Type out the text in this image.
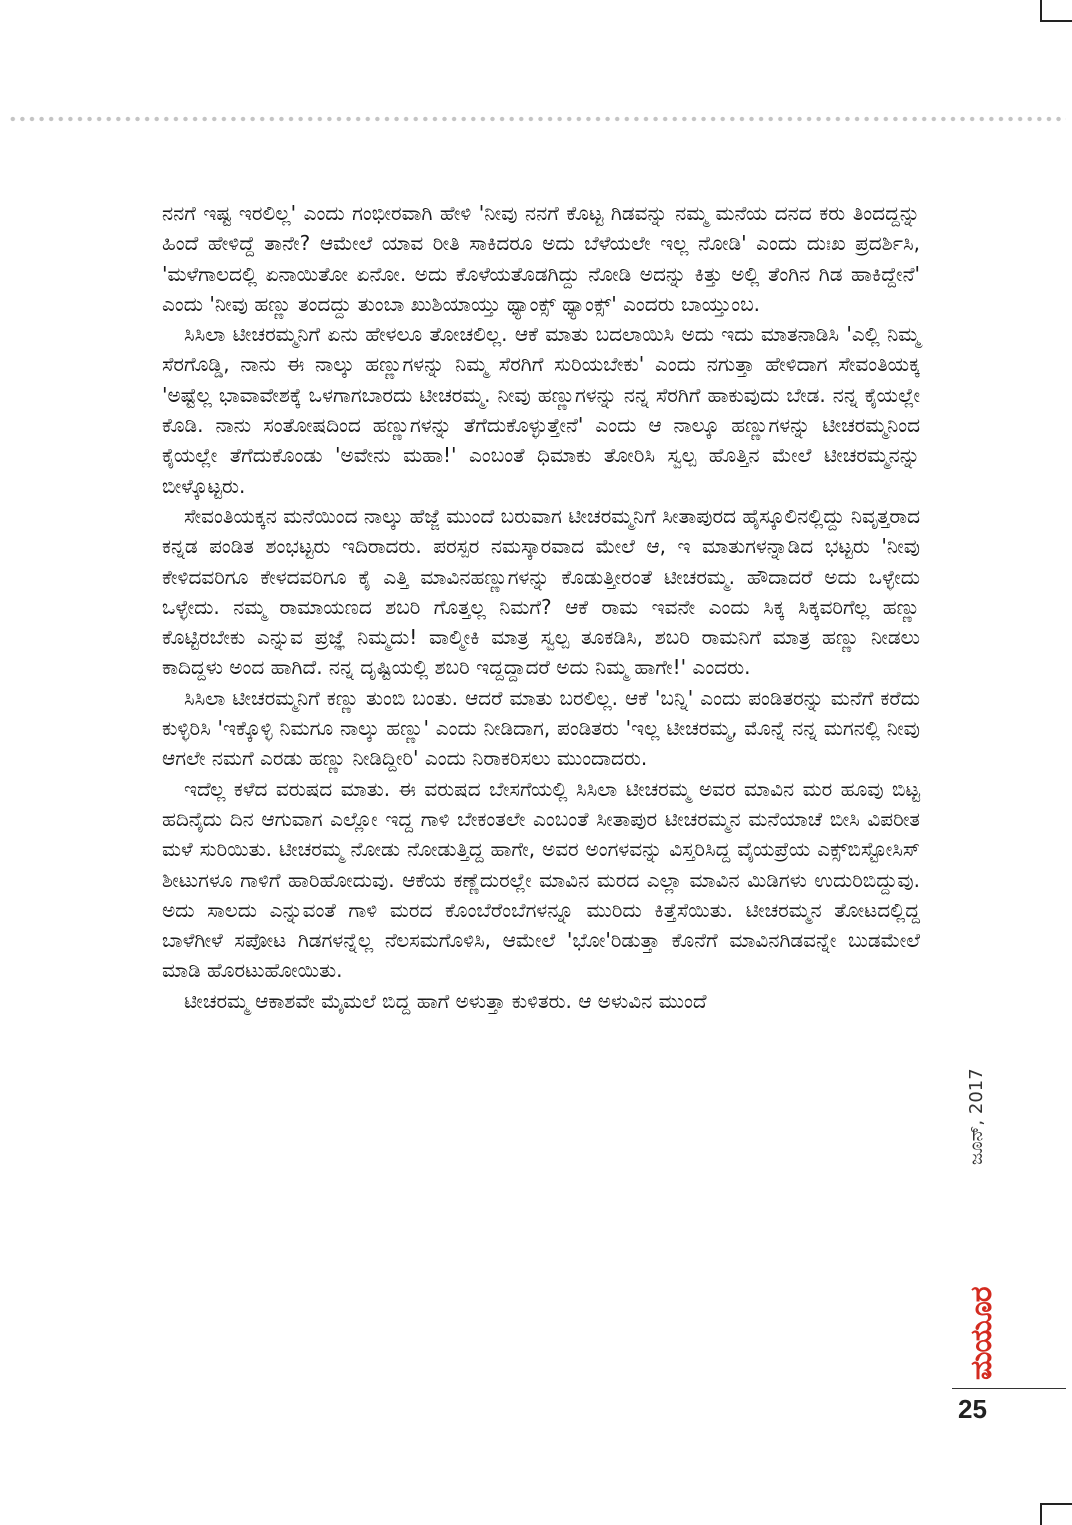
ನನಗೆ ಇಷ್ಟ ಇರಲಿಲ್ಲ' ಎಂದು ಗಂಭೀರವಾಗಿ ಹೇಳಿ 'ನೀವು ನನಗೆ ಕೊಟ್ಟ ಗಿಡವನ್ನು ನಮ್ಮ ಮನೆಯ ದನದ ಕರು ತಿಂದದ್ದನ್ನು ಹಿಂದೆ ಹೇಳಿದ್ದೆ ತಾನೇ? ಆಮೇಲೆ ಯಾವ ರೀತಿ ಸಾಕಿದರೂ ಅದು ಬೆಳೆಯಲೇ ಇಲ್ಲ ನೋಡಿ' ಎಂದು ದುಃಖ ಪ್ರದರ್ಶಿಸಿ, 'ಮಳೆಗಾಲದಲ್ಲಿ ಏನಾಯಿತೋ ಏನೋ. ಅದು ಕೊಳೆಯತೊಡಗಿದ್ದು ನೋಡಿ ಅದನ್ನು ಕಿತ್ತು ಅಲ್ಲಿ ತೆಂಗಿನ ಗಿಡ ಹಾಕಿದ್ದೇನೆ' ಎಂದು 'ನೀವು ಹಣ್ಣು ತಂದದ್ದು ತುಂಬಾ ಖುಶಿಯಾಯ್ತು ಥ್ಯಾಂಕ್ಸ್ ಥ್ಯಾಂಕ್ಸ್' ಎಂದರು ಬಾಯ್ತುಂಬ.

ಸಿಸಿಲಾ ಟೀಚರಮ್ಮನಿಗೆ ಏನು ಹೇಳಲೂ ತೋಚಲಿಲ್ಲ. ಆಕೆ ಮಾತು ಬದಲಾಯಿಸಿ ಅದು ಇದು ಮಾತನಾಡಿಸಿ 'ಎಲ್ಲಿ ನಿಮ್ಮ ಸೆರಗೊಡ್ಡಿ, ನಾನು ಈ ನಾಲ್ಕು ಹಣ್ಣುಗಳನ್ನು ನಿಮ್ಮ ಸೆರಗಿಗೆ ಸುರಿಯಬೇಕು' ಎಂದು ನಗುತ್ತಾ ಹೇಳಿದಾಗ ಸೇವಂತಿಯಕ್ಕ 'ಅಷ್ಟೆಲ್ಲ ಭಾವಾವೇಶಕ್ಕೆ ಒಳಗಾಗಬಾರದು ಟೀಚರಮ್ಮ. ನೀವು ಹಣ್ಣುಗಳನ್ನು ನನ್ನ ಸೆರಗಿಗೆ ಹಾಕುವುದು ಬೇಡ. ನನ್ನ ಕೈಯಲ್ಲೇ ಕೊಡಿ. ನಾನು ಸಂತೋಷದಿಂದ ಹಣ್ಣುಗಳನ್ನು ತೆಗೆದುಕೊಳ್ಳುತ್ತೇನೆ' ಎಂದು ಆ ನಾಲ್ಕೂ ಹಣ್ಣುಗಳನ್ನು ಟೀಚರಮ್ಮನಿಂದ ಕೈಯಲ್ಲೇ ತೆಗೆದುಕೊಂಡು 'ಅವೇನು ಮಹಾ!' ಎಂಬಂತೆ ಧಿಮಾಕು ತೋರಿಸಿ ಸ್ವಲ್ಪ ಹೊತ್ತಿನ ಮೇಲೆ ಟೀಚರಮ್ಮನನ್ನು ಬೀಳ್ಕೊಟ್ಟರು.

ಸೇವಂತಿಯಕ್ಕನ ಮನೆಯಿಂದ ನಾಲ್ಕು ಹೆಜ್ಜೆ ಮುಂದೆ ಬರುವಾಗ ಟೀಚರಮ್ಮನಿಗೆ ಸೀತಾಪುರದ ಹೈಸ್ಕೂಲಿನಲ್ಲಿದ್ದು ನಿವೃತ್ತರಾದ ಕನ್ನಡ ಪಂಡಿತ ಶಂಭಟ್ಟರು ಇದಿರಾದರು. ಪರಸ್ಪರ ನಮಸ್ಕಾರವಾದ ಮೇಲೆ ಆ, ಇ ಮಾತುಗಳನ್ನಾಡಿದ ಭಟ್ಟರು 'ನೀವು ಕೇಳಿದವರಿಗೂ ಕೇಳದವರಿಗೂ ಕೈ ಎತ್ತಿ ಮಾವಿನಹಣ್ಣುಗಳನ್ನು ಕೊಡುತ್ತೀರಂತೆ ಟೀಚರಮ್ಮ. ಹೌದಾದರೆ ಅದು ಒಳ್ಳೇದು ಒಳ್ಳೇದು. ನಮ್ಮ ರಾಮಾಯಣದ ಶಬರಿ ಗೊತ್ತಲ್ಲ ನಿಮಗೆ? ಆಕೆ ರಾಮ ಇವನೇ ಎಂದು ಸಿಕ್ಕ ಸಿಕ್ಕವರಿಗೆಲ್ಲ ಹಣ್ಣು ಕೊಟ್ಟಿರಬೇಕು ಎನ್ನುವ ಪ್ರಜ್ಞೆ ನಿಮ್ಮದು! ವಾಲ್ಮೀಕಿ ಮಾತ್ರ ಸ್ವಲ್ಪ ತೂಕಡಿಸಿ, ಶಬರಿ ರಾಮನಿಗೆ ಮಾತ್ರ ಹಣ್ಣು ನೀಡಲು ಕಾದಿದ್ದಳು ಅಂದ ಹಾಗಿದೆ. ನನ್ನ ದೃಷ್ಟಿಯಲ್ಲಿ ಶಬರಿ ಇದ್ದದ್ದಾದರೆ ಅದು ನಿಮ್ಮ ಹಾಗೇ!' ಎಂದರು.

ಸಿಸಿಲಾ ಟೀಚರಮ್ಮನಿಗೆ ಕಣ್ಣು ತುಂಬಿ ಬಂತು. ಆದರೆ ಮಾತು ಬರಲಿಲ್ಲ. ಆಕೆ 'ಬನ್ನಿ' ಎಂದು ಪಂಡಿತರನ್ನು ಮನೆಗೆ ಕರೆದು ಕುಳ್ಳಿರಿಸಿ 'ಇಕ್ಕೊಳ್ಳಿ ನಿಮಗೂ ನಾಲ್ಕು ಹಣ್ಣು' ಎಂದು ನೀಡಿದಾಗ, ಪಂಡಿತರು 'ಇಲ್ಲ ಟೀಚರಮ್ಮ, ಮೊನ್ನೆ ನನ್ನ ಮಗನಲ್ಲಿ ನೀವು ಆಗಲೇ ನಮಗೆ ಎರಡು ಹಣ್ಣು ನೀಡಿದ್ದೀರಿ' ಎಂದು ನಿರಾಕರಿಸಲು ಮುಂದಾದರು.

ಇದೆಲ್ಲ ಕಳೆದ ವರುಷದ ಮಾತು. ಈ ವರುಷದ ಬೇಸಗೆಯಲ್ಲಿ ಸಿಸಿಲಾ ಟೀಚರಮ್ಮ ಅವರ ಮಾವಿನ ಮರ ಹೂವು ಬಿಟ್ಟ ಹದಿನೈದು ದಿನ ಆಗುವಾಗ ಎಲ್ಲೋ ಇದ್ದ ಗಾಳಿ ಬೇಕಂತಲೇ ಎಂಬಂತೆ ಸೀತಾಪುರ ಟೀಚರಮ್ಮನ ಮನೆಯಾಚೆ ಬೀಸಿ ವಿಪರೀತ ಮಳೆ ಸುರಿಯಿತು. ಟೀಚರಮ್ಮ ನೋಡು ನೋಡುತ್ತಿದ್ದ ಹಾಗೇ, ಅವರ ಅಂಗಳವನ್ನು ವಿಸ್ತರಿಸಿದ್ದ ವೈಯಪ್ರೆಯ ಎಕ್ಸ್‌ಬಿಸ್ಟೋಸಿಸ್ ಶೀಟುಗಳೂ ಗಾಳಿಗೆ ಹಾರಿಹೋದುವು. ಆಕೆಯ ಕಣ್ಣೆದುರಲ್ಲೇ ಮಾವಿನ ಮರದ ಎಲ್ಲಾ ಮಾವಿನ ಮಿಡಿಗಳು ಉದುರಿಬಿದ್ದುವು. ಅದು ಸಾಲದು ಎನ್ನುವಂತೆ ಗಾಳಿ ಮರದ ಕೊಂಬೆರೆಂಬೆಗಳನ್ನೂ ಮುರಿದು ಕಿತ್ತೆಸೆಯಿತು. ಟೀಚರಮ್ಮನ ತೋಟದಲ್ಲಿದ್ದ ಬಾಳೆಗೀಳೆ ಸಪೋಟ ಗಿಡಗಳನ್ನೆಲ್ಲ ನೆಲಸಮಗೊಳಿಸಿ, ಆಮೇಲೆ 'ಭೋ'ರಿಡುತ್ತಾ ಕೊನೆಗೆ ಮಾವಿನಗಿಡವನ್ನೇ ಬುಡಮೇಲೆ ಮಾಡಿ ಹೊರಟುಹೋಯಿತು.

ಟೀಚರಮ್ಮ ಆಕಾಶವೇ ಮೈಮಲೆ ಬಿದ್ದ ಹಾಗೆ ಅಳುತ್ತಾ ಕುಳಿತರು. ಆ ಅಳುವಿನ ಮುಂದೆ

ಜೂನ್, 2017
ಮಯೂರ
25
